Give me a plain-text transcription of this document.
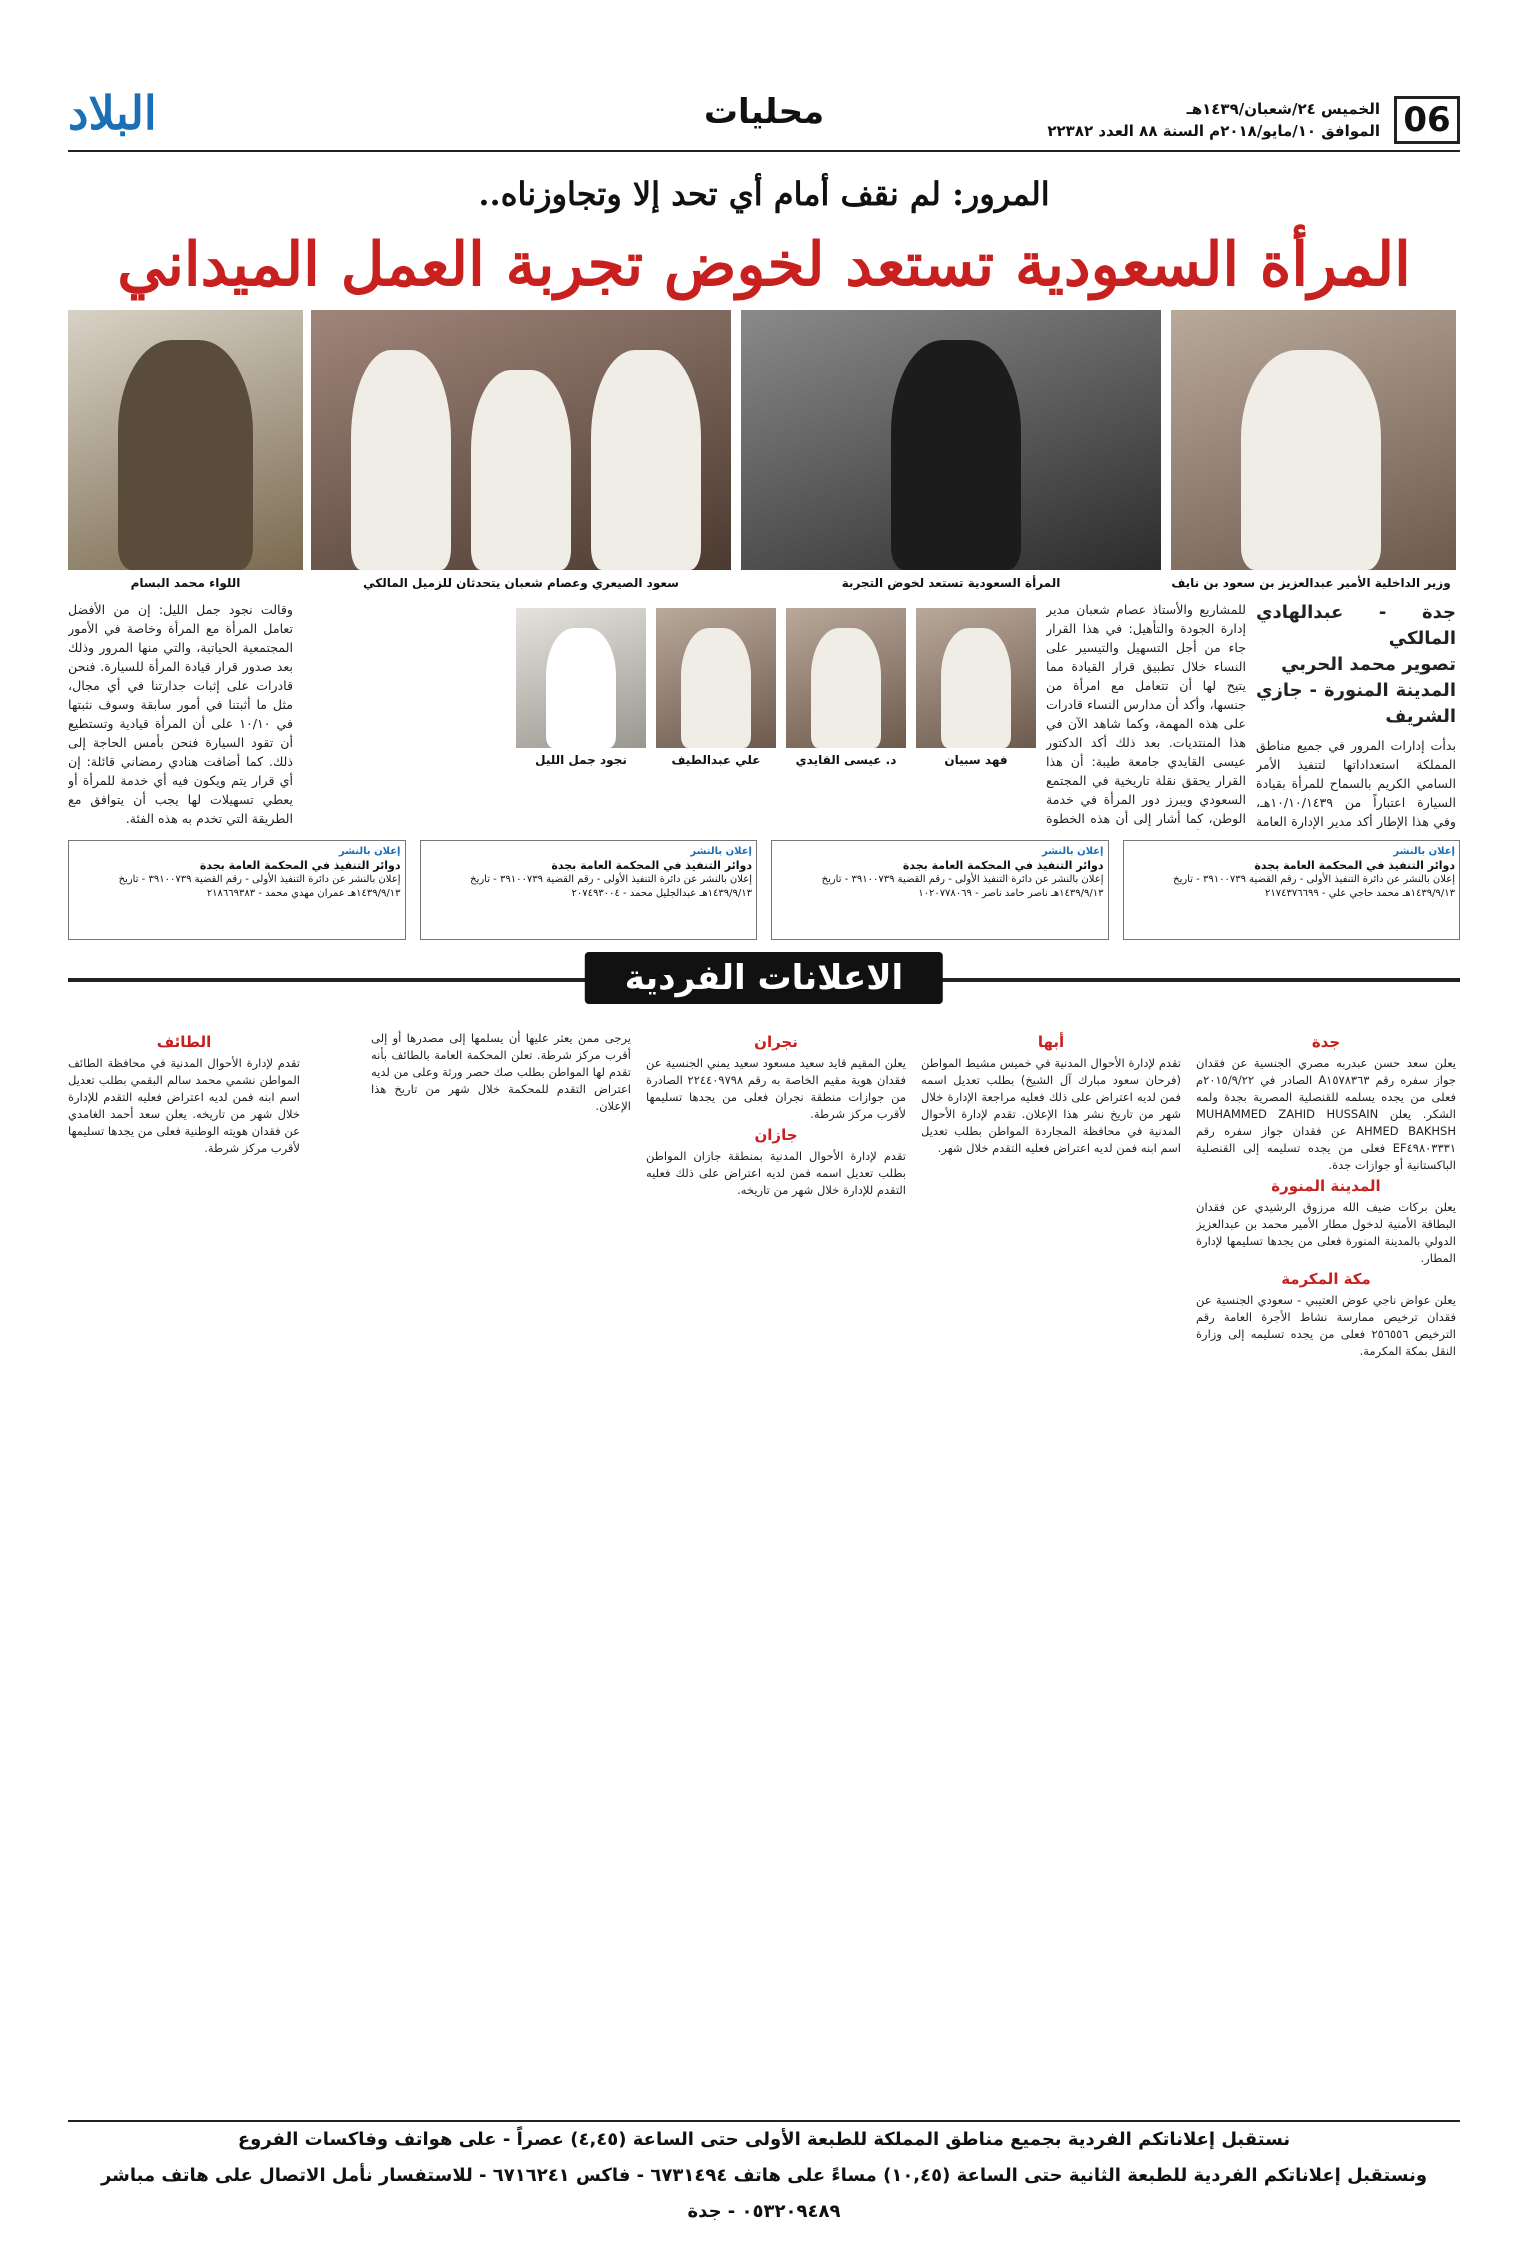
06
الخميس ٢٤/شعبان/١٤٣٩هـ
الموافق ١٠/مايو/٢٠١٨م السنة ٨٨ العدد ٢٢٣٨٢
محليات
البلاد
المرور: لم نقف أمام أي تحد إلا وتجاوزناه..
المرأة السعودية تستعد لخوض تجربة العمل الميداني
وزير الداخلية الأمير عبدالعزيز بن سعود بن نايف
المرأة السعودية تستعد لخوض التجربة
سعود الصيعري وعصام شعبان يتحدثان للزميل المالكي
اللواء محمد البسام
جدة - عبدالهادي المالكي
تصوير محمد الحربي
المدينة المنورة - جازي الشريف
بدأت إدارات المرور في جميع مناطق المملكة استعداداتها لتنفيذ الأمر السامي الكريم بالسماح للمرأة بقيادة السيارة اعتباراً من ١٠/١٠/١٤٣٩هـ، وفي هذا الإطار أكد مدير الإدارة العامة
للمشاريع والأستاذ عصام شعبان مدير إدارة الجودة والتأهيل: في هذا القرار جاء من أجل التسهيل والتيسير على النساء خلال تطبيق قرار القيادة مما يتيح لها أن تتعامل مع امرأة من جنسها، وأكد أن مدارس النساء قادرات على هذه المهمة، وكما شاهد الآن في هذا المنتديات. بعد ذلك أكد الدكتور عيسى القايدي جامعة طيبة: أن هذا القرار يحقق نقلة تاريخية في المجتمع السعودي ويبرز دور المرأة في خدمة الوطن، كما أشار إلى أن هذه الخطوة
فهد سبيان
د. عيسى القايدي
علي عبدالطيف
نجود جمل الليل
وقالت نجود جمل الليل: إن من الأفضل تعامل المرأة مع المرأة وخاصة في الأمور المجتمعية الحياتية، والتي منها المرور وذلك بعد صدور قرار قيادة المرأة للسيارة. فنحن قادرات على إثبات جدارتنا في أي مجال، مثل ما أثبتنا في أمور سابقة وسوف نثبتها في ١٠/١٠ على أن المرأة قيادية وتستطيع أن تقود السيارة فنحن بأمس الحاجة إلى ذلك. كما أضافت هنادي رمضاني قائلة: إن أي قرار يتم ويكون فيه أي خدمة للمرأة أو يعطي تسهيلات لها يجب أن يتوافق مع الطريقة التي تخدم به هذه الفئة.
إعلان بالنشر
دوائر التنفيذ في المحكمة العامة بجدة
إعلان بالنشر عن دائرة التنفيذ الأولى - رقم القضية ٣٩١٠٠٧٣٩ - تاريخ ١٤٣٩/٩/١٣هـ عمران مهدي محمد - ٢١٨٦٦٩٣٨٣
إعلان بالنشر
دوائر التنفيذ في المحكمة العامة بجدة
إعلان بالنشر عن دائرة التنفيذ الأولى - رقم القضية ٣٩١٠٠٧٣٩ - تاريخ ١٤٣٩/٩/١٣هـ عبدالجليل محمد - ٢٠٧٤٩٣٠٠٤
إعلان بالنشر
دوائر التنفيذ في المحكمة العامة بجدة
إعلان بالنشر عن دائرة التنفيذ الأولى - رقم القضية ٣٩١٠٠٧٣٩ - تاريخ ١٤٣٩/٩/١٣هـ ناصر حامد ناصر - ١٠٢٠٧٧٨٠٦٩
إعلان بالنشر
دوائر التنفيذ في المحكمة العامة بجدة
إعلان بالنشر عن دائرة التنفيذ الأولى - رقم القضية ٣٩١٠٠٧٣٩ - تاريخ ١٤٣٩/٩/١٣هـ محمد حاجي علي - ٢١٧٤٣٧٦٦٩٩
الاعلانات الفردية
جدة
يعلن سعد حسن عبدربه مصري الجنسية عن فقدان جواز سفره رقم A١٥٧٨٣٦٣ الصادر في ٢٠١٥/٩/٢٢م فعلى من يجده يسلمه للقنصلية المصرية بجدة ولمه الشكر. يعلن MUHAMMED ZAHID HUSSAIN AHMED BAKHSH عن فقدان جواز سفره رقم EF٤٩٨٠٣٣٣١ فعلى من يجده تسليمه إلى القنصلية الباكستانية أو جوازات جدة.
المدينة المنورة
يعلن بركات ضيف الله مرزوق الرشيدي عن فقدان البطاقة الأمنية لدخول مطار الأمير محمد بن عبدالعزيز الدولي بالمدينة المنورة فعلى من يجدها تسليمها لإدارة المطار.
مكة المكرمة
يعلن عواض ناجي عوض العتيبي - سعودي الجنسية عن فقدان ترخيص ممارسة نشاط الأجرة العامة رقم الترخيص ٢٥٦٥٥٦ فعلى من يجده تسليمه إلى وزارة النقل بمكة المكرمة.
أبها
تقدم لإدارة الأحوال المدنية في خميس مشيط المواطن (فرحان سعود مبارك آل الشيخ) بطلب تعديل اسمه فمن لديه اعتراض على ذلك فعليه مراجعة الإدارة خلال شهر من تاريخ نشر هذا الإعلان. تقدم لإدارة الأحوال المدنية في محافظة المجاردة المواطن بطلب تعديل اسم ابنه فمن لديه اعتراض فعليه التقدم خلال شهر.
نجران
يعلن المقيم قايد سعيد مسعود سعيد يمني الجنسية عن فقدان هوية مقيم الخاصة به رقم ٢٢٤٤٠٩٧٩٨ الصادرة من جوازات منطقة نجران فعلى من يجدها تسليمها لأقرب مركز شرطة.
جازان
تقدم لإدارة الأحوال المدنية بمنطقة جازان المواطن بطلب تعديل اسمه فمن لديه اعتراض على ذلك فعليه التقدم للإدارة خلال شهر من تاريخه.
يرجى ممن يعثر عليها أن يسلمها إلى مصدرها أو إلى أقرب مركز شرطة. تعلن المحكمة العامة بالطائف بأنه تقدم لها المواطن بطلب صك حصر ورثة وعلى من لديه اعتراض التقدم للمحكمة خلال شهر من تاريخ هذا الإعلان.
الطائف
تقدم لإدارة الأحوال المدنية في محافظة الطائف المواطن نشمي محمد سالم البقمي بطلب تعديل اسم ابنه فمن لديه اعتراض فعليه التقدم للإدارة خلال شهر من تاريخه. يعلن سعد أحمد الغامدي عن فقدان هويته الوطنية فعلى من يجدها تسليمها لأقرب مركز شرطة.
نستقبل إعلاناتكم الفردية بجميع مناطق المملكة للطبعة الأولى حتى الساعة (٤,٤٥) عصراً - على هواتف وفاكسات الفروع
ونستقبل إعلاناتكم الفردية للطبعة الثانية حتى الساعة (١٠,٤٥) مساءً على هاتف ٦٧٣١٤٩٤ - فاكس ٦٧١٦٢٤١ - للاستفسار نأمل الاتصال على هاتف مباشر ٠٥٣٢٠٩٤٨٩ - جدة
